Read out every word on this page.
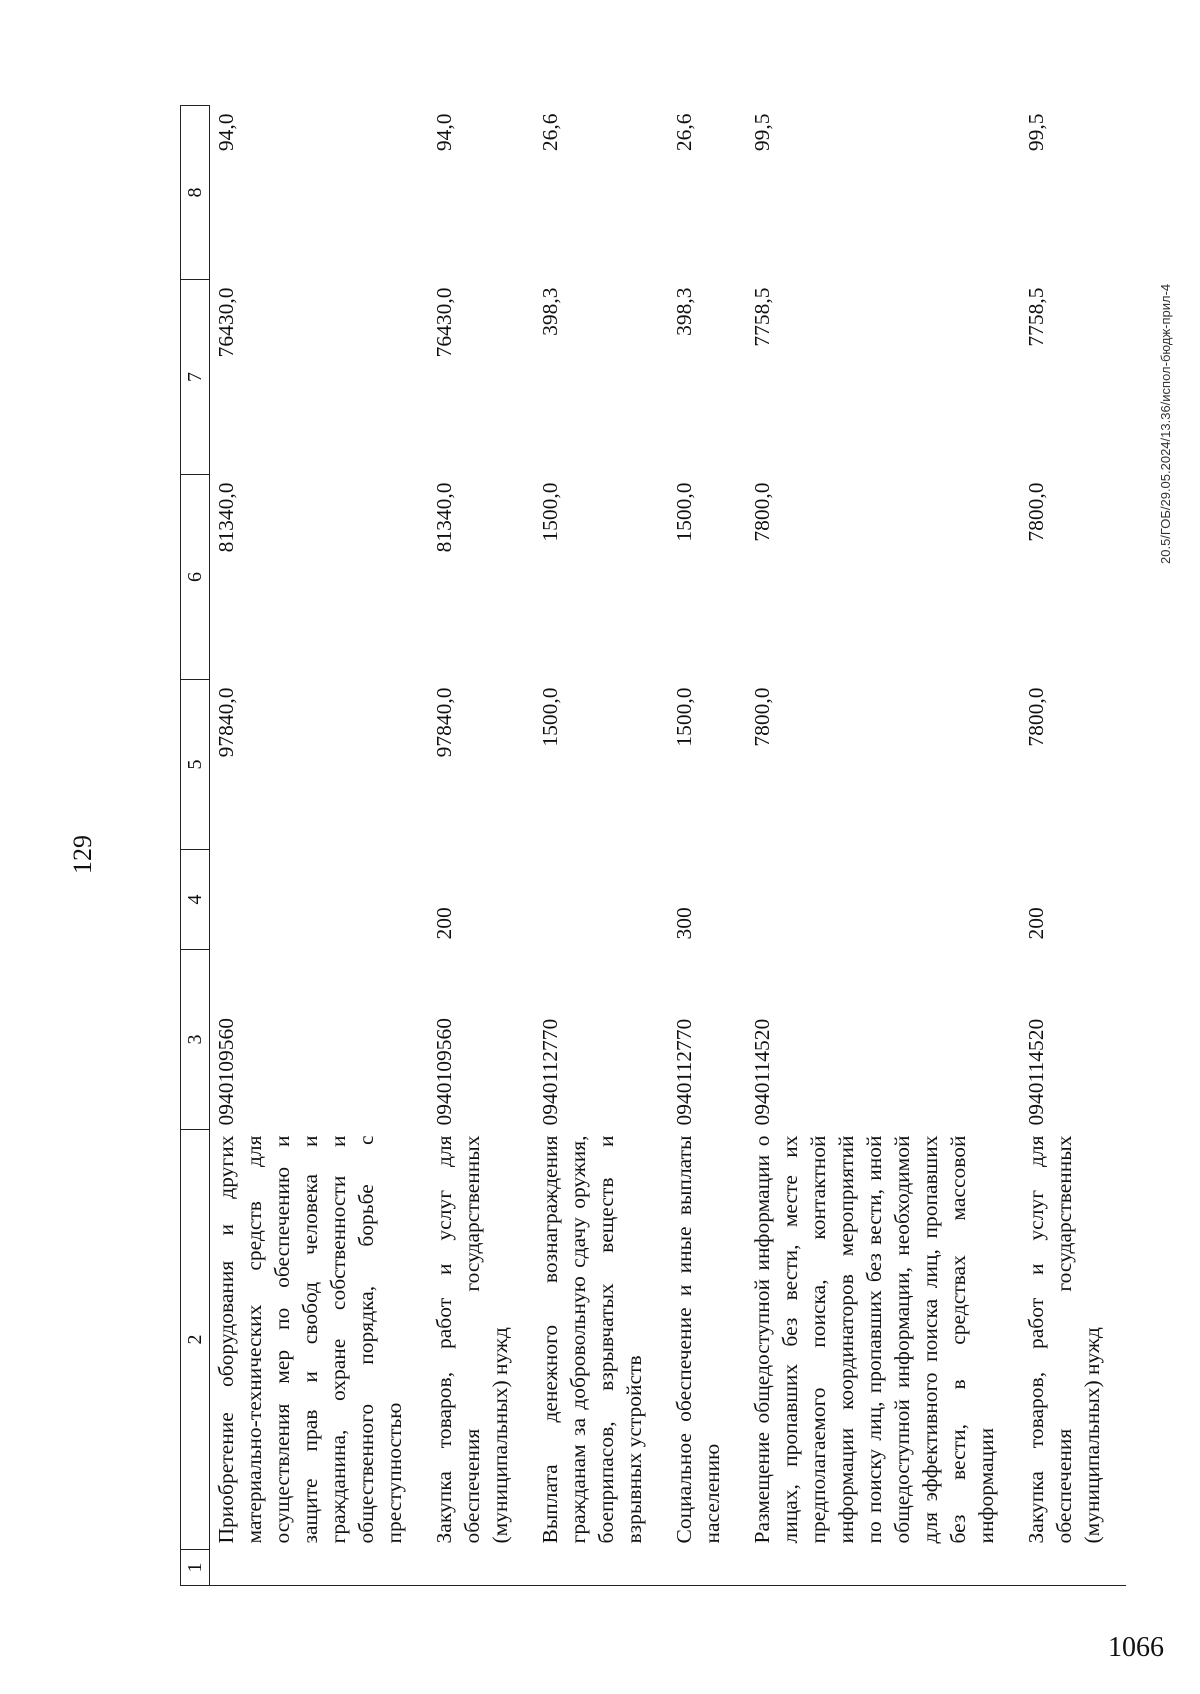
129
1	2	3	4	5	6	7	8
	Приобретение оборудования и других материально-технических средств для осуществления мер по обеспечению и защите прав и свобод человека и гражданина, охране собственности и общественного порядка, борьбе с преступностью	0940109560		97840,0	81340,0	76430,0	94,0
	Закупка товаров, работ и услуг для обеспечения государственных (муниципальных) нужд	0940109560	200	97840,0	81340,0	76430,0	94,0
	Выплата денежного вознаграждения гражданам за добровольную сдачу оружия, боеприпасов, взрывчатых веществ и взрывных устройств	0940112770		1500,0	1500,0	398,3	26,6
	Социальное обеспечение и иные выплаты населению	0940112770	300	1500,0	1500,0	398,3	26,6
	Размещение общедоступной информации о лицах, пропавших без вести, месте их предполагаемого поиска, контактной информации координаторов мероприятий по поиску лиц, пропавших без вести, иной общедоступной информации, необходимой для эффективного поиска лиц, пропавших без вести, в средствах массовой информации	0940114520		7800,0	7800,0	7758,5	99,5
	Закупка товаров, работ и услуг для обеспечения государственных (муниципальных) нужд	0940114520	200	7800,0	7800,0	7758,5	99,5
20.5/ГОБ/29.05.2024/13.36/испол-бюдж-прил-4
1066
